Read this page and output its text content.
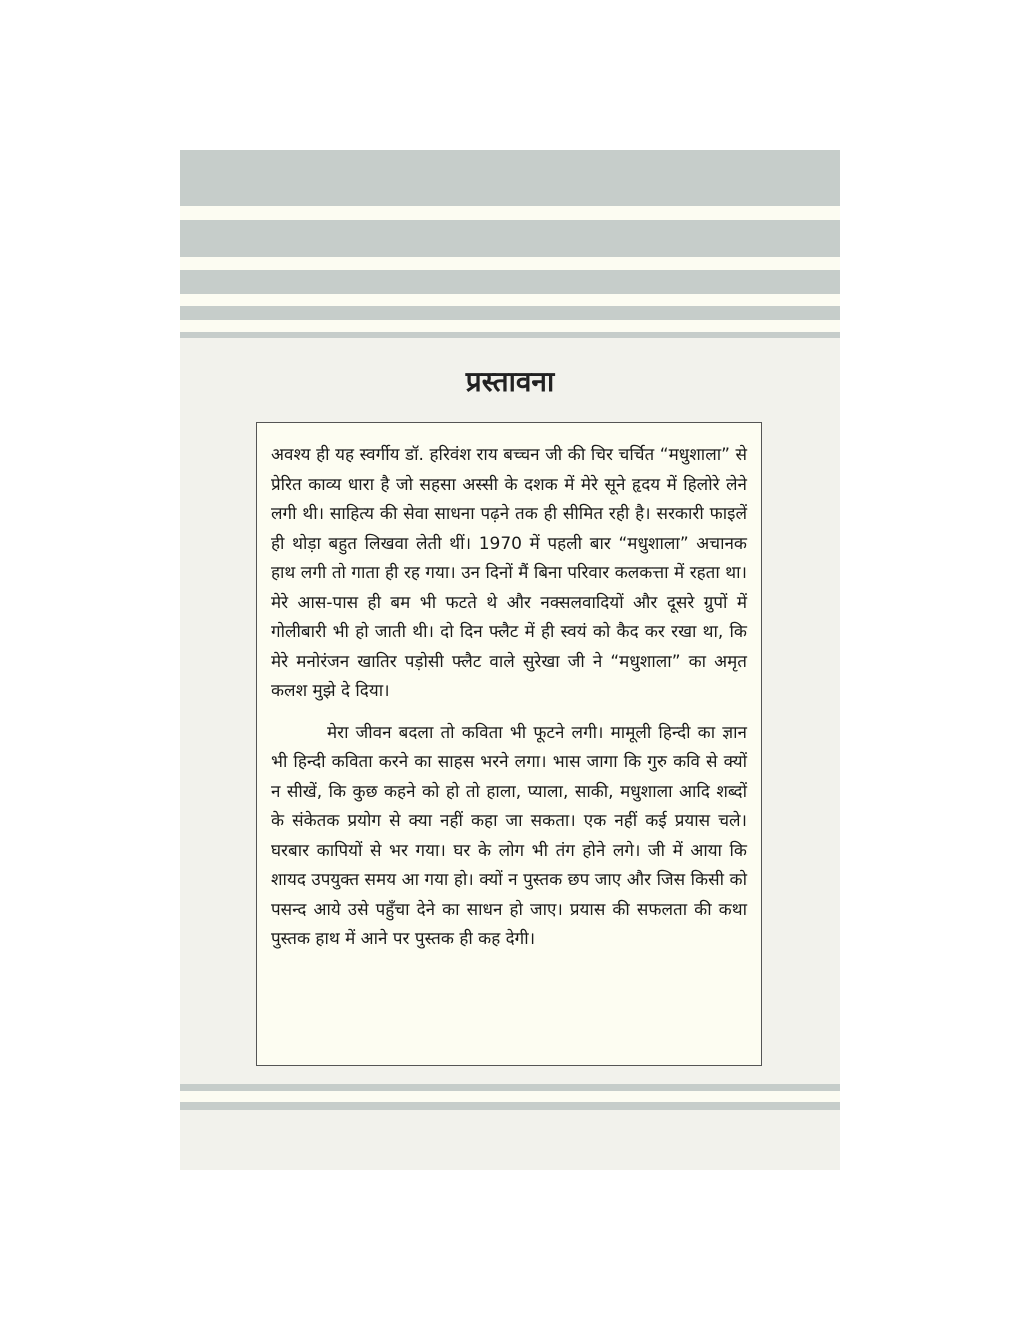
प्रस्तावना

अवश्य ही यह स्वर्गीय डॉ. हरिवंश राय बच्चन जी की चिर चर्चित “मधुशाला” से प्रेरित काव्य धारा है जो सहसा अस्सी के दशक में मेरे सूने हृदय में हिलोरे लेने लगी थी। साहित्य की सेवा साधना पढ़ने तक ही सीमित रही है। सरकारी फाइलें ही थोड़ा बहुत लिखवा लेती थीं। 1970 में पहली बार “मधुशाला” अचानक हाथ लगी तो गाता ही रह गया। उन दिनों मैं बिना परिवार कलकत्ता में रहता था। मेरे आस-पास ही बम भी फटते थे और नक्सलवादियों और दूसरे ग्रुपों में गोलीबारी भी हो जाती थी। दो दिन फ्लैट में ही स्वयं को कैद कर रखा था, कि मेरे मनोरंजन खातिर पड़ोसी फ्लैट वाले सुरेखा जी ने “मधुशाला” का अमृत कलश मुझे दे दिया।

मेरा जीवन बदला तो कविता भी फूटने लगी। मामूली हिन्दी का ज्ञान भी हिन्दी कविता करने का साहस भरने लगा। भास जागा कि गुरु कवि से क्यों न सीखें, कि कुछ कहने को हो तो हाला, प्याला, साकी, मधुशाला आदि शब्दों के संकेतक प्रयोग से क्या नहीं कहा जा सकता। एक नहीं कई प्रयास चले। घरबार कापियों से भर गया। घर के लोग भी तंग होने लगे। जी में आया कि शायद उपयुक्त समय आ गया हो। क्यों न पुस्तक छप जाए और जिस किसी को पसन्द आये उसे पहुँचा देने का साधन हो जाए। प्रयास की सफलता की कथा पुस्तक हाथ में आने पर पुस्तक ही कह देगी।
